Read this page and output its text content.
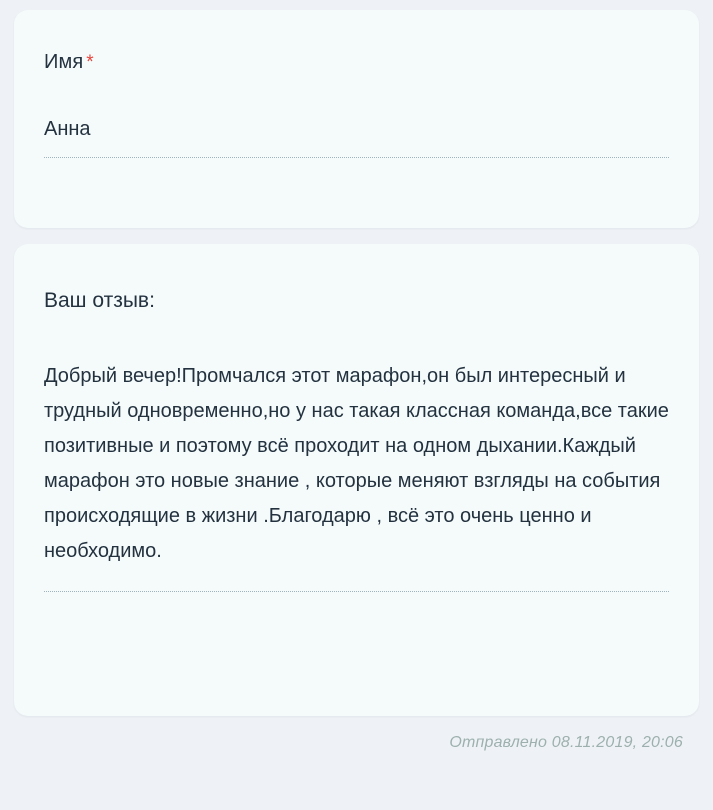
Имя *
Анна
Ваш отзыв:
Добрый вечер!Промчался этот марафон,он был интересный и трудный одновременно,но у нас такая классная команда,все такие позитивные и поэтому всё проходит на одном дыхании.Каждый марафон это новые знание , которые меняют взгляды на события происходящие в жизни .Благодарю , всё это очень ценно и необходимо.
Отправлено 08.11.2019, 20:06
